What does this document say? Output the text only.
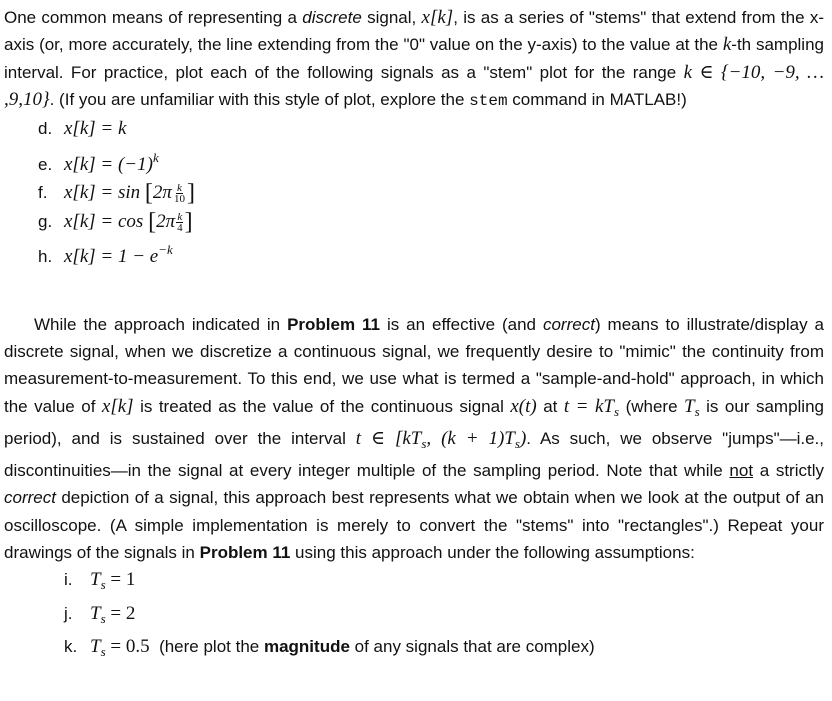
One common means of representing a discrete signal, x[k], is as a series of "stems" that extend from the x-axis (or, more accurately, the line extending from the "0" value on the y-axis) to the value at the k-th sampling interval. For practice, plot each of the following signals as a "stem" plot for the range k ∈ {−10, −9, … ,9,10}. (If you are unfamiliar with this style of plot, explore the stem command in MATLAB!)

d. x[k] = k
e. $x[k] = (-1)^k$
f. $x[k] = \sin [2\pi \frac{k}{10}$ ]
g. $x[k] = \cos [2\pi \frac{k}{4}$ ]
h. $x[k] = 1 - e^{-k}$

While the approach indicated in Problem 11 is an effective (and correct) means to illustrate/display a discrete signal, when we discretize a continuous signal, we frequently desire to "mimic" the continuity from measurement-to-measurement. To this end, we use what is termed a "sample-and-hold" approach, in which the value of x[k] is treated as the value of the continuous signal x(t) at $t = kT_s$ (where $T_s$ is our sampling period), and is sustained over the interval t ∈ [$kT_s$, $(k + 1)T_s$). As such, we observe "jumps"—i.e., discontinuities—in the signal at every integer multiple of the sampling period. Note that while not a strictly correct depiction of a signal, this approach best represents what we obtain when we look at the output of an oscilloscope. (A simple implementation is merely to convert the "stems" into "rectangles".) Repeat your drawings of the signals in Problem 11 using this approach under the following assumptions:

i. $T_s = 1$
j. $T_s = 2$
k. $T_s = 0.5$ (here plot the magnitude of any signals that are complex)
